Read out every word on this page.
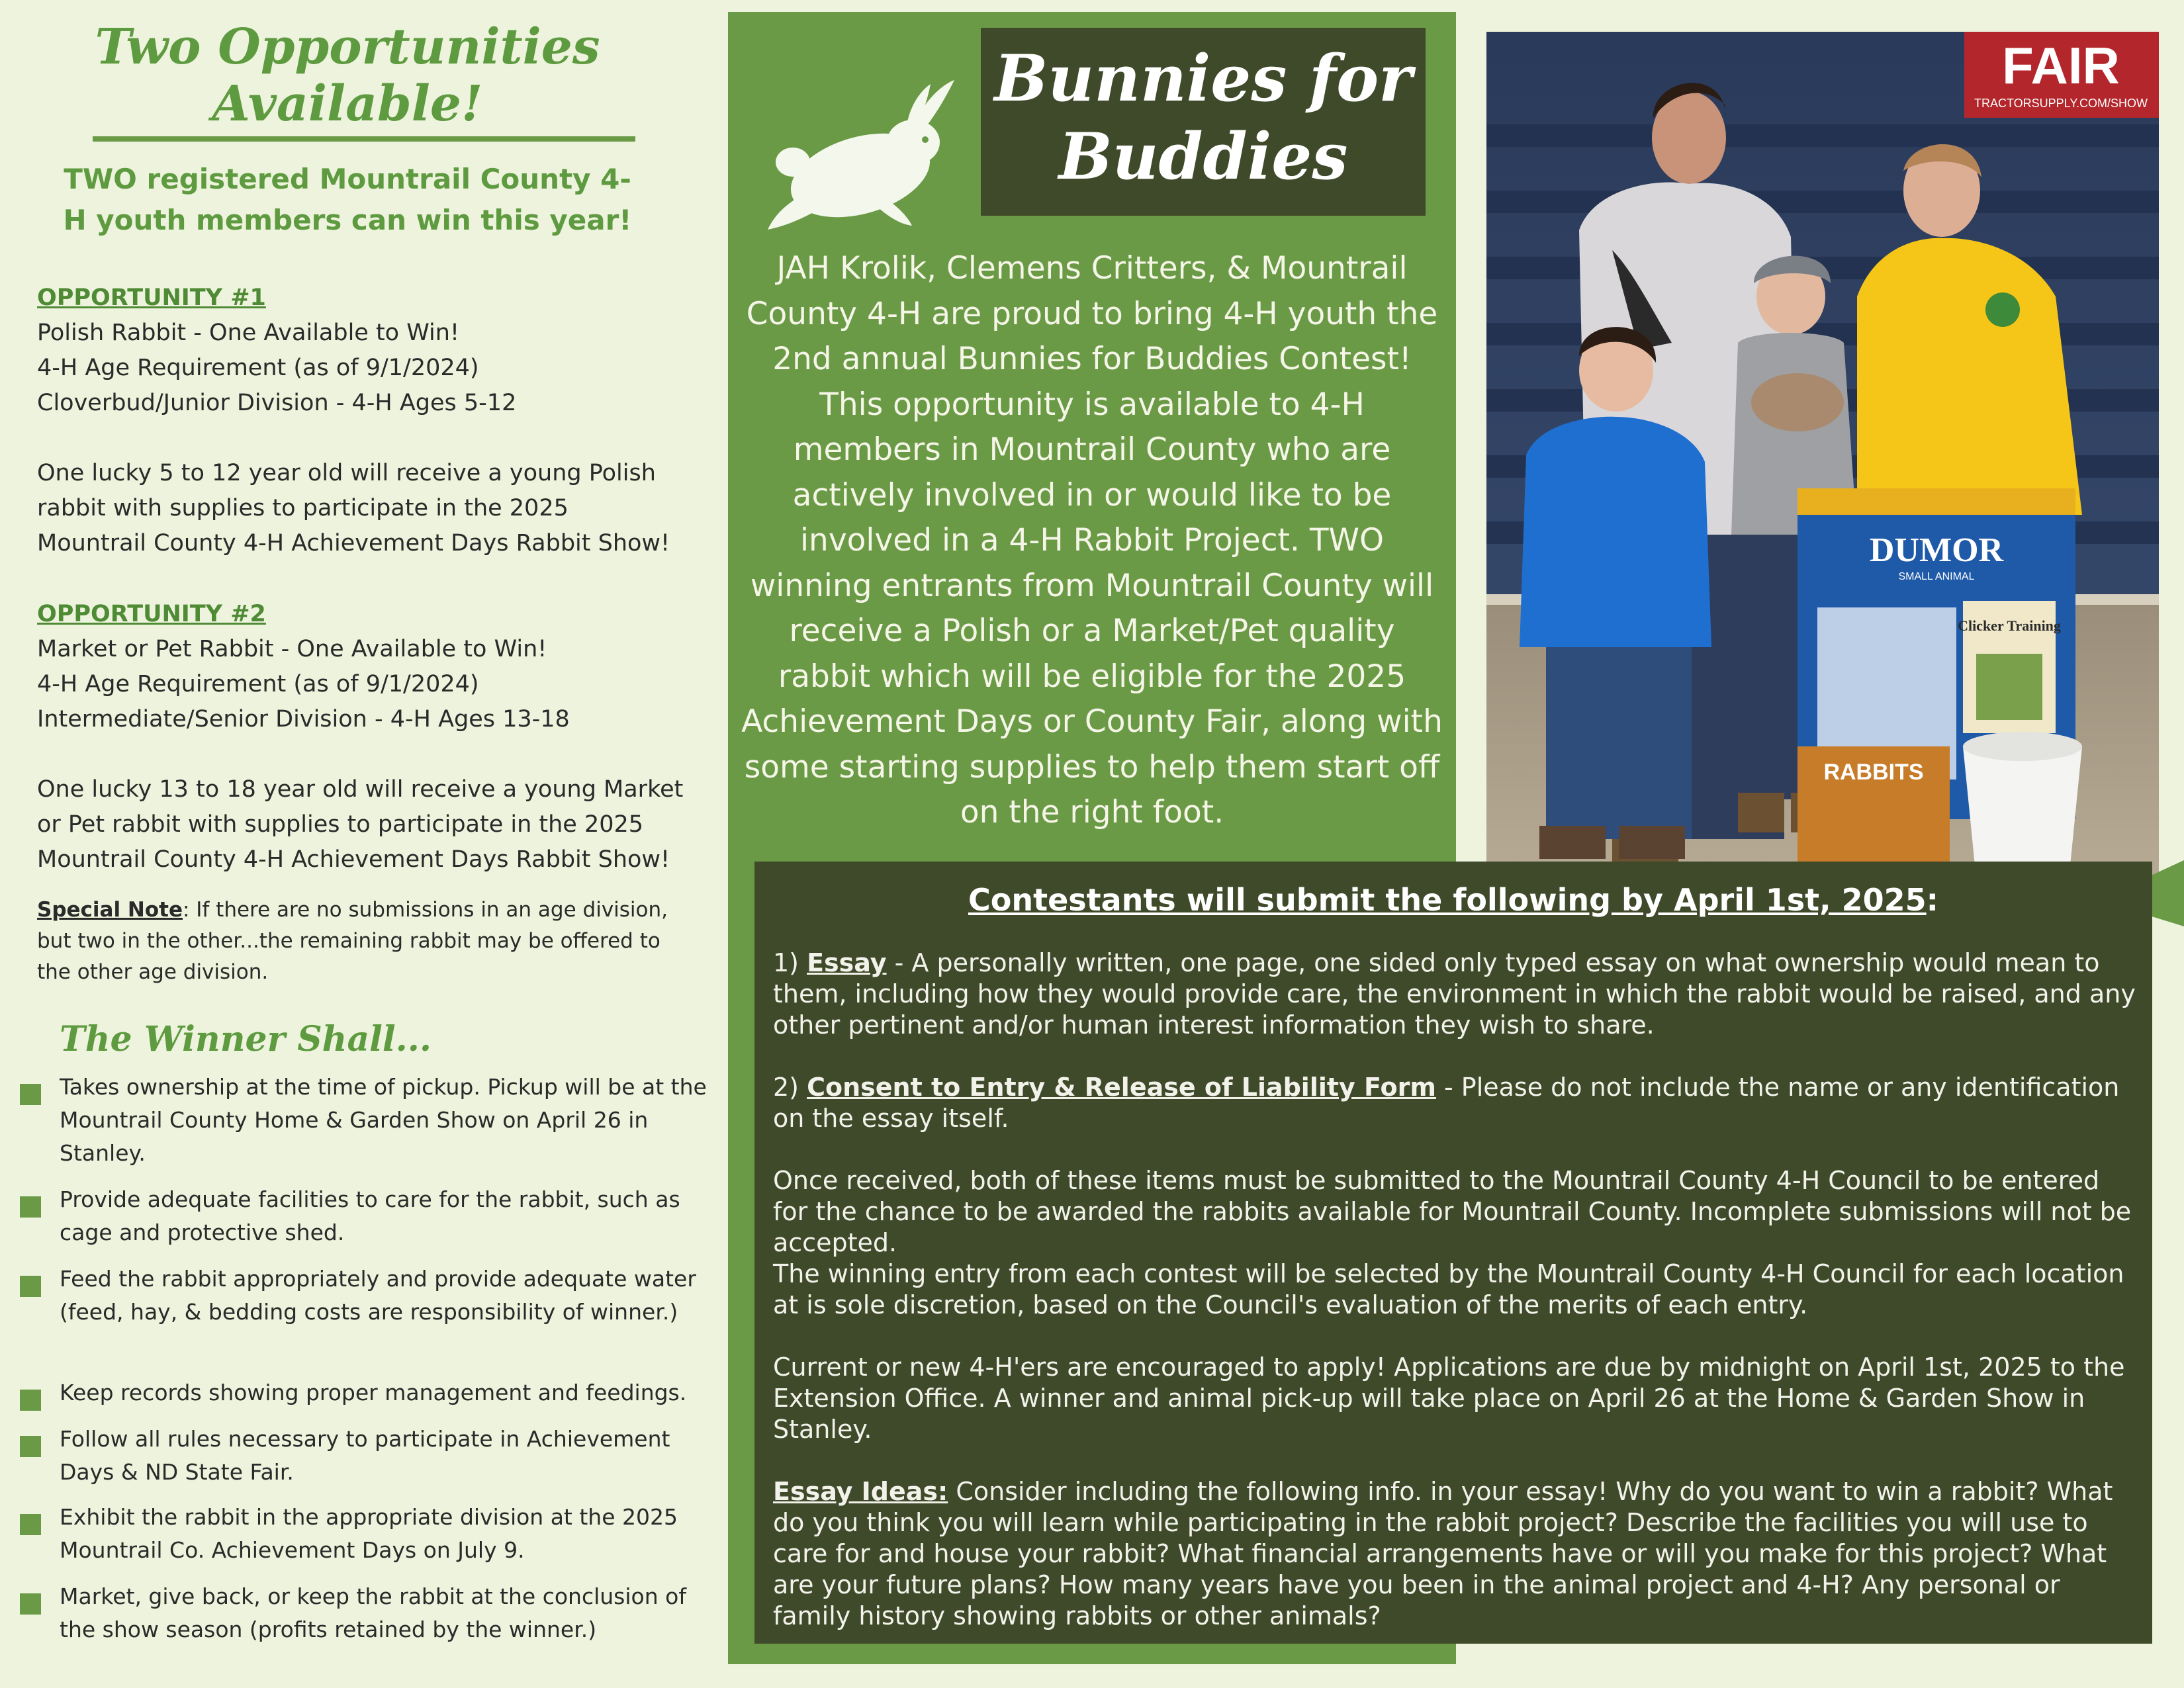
Two Opportunities
Available!
TWO registered Mountrail County 4-H youth members can win this year!
OPPORTUNITY #1
Polish Rabbit - One Available to Win!
4-H Age Requirement (as of 9/1/2024)
Cloverbud/Junior Division - 4-H Ages 5-12
One lucky 5 to 12 year old will receive a young Polish
rabbit with supplies to participate in the 2025
Mountrail County 4-H Achievement Days Rabbit Show!
OPPORTUNITY #2
Market or Pet Rabbit - One Available to Win!
4-H Age Requirement (as of 9/1/2024)
Intermediate/Senior Division - 4-H Ages 13-18
One lucky 13 to 18 year old will receive a young Market
or Pet rabbit with supplies to participate in the 2025
Mountrail County 4-H Achievement Days Rabbit Show!
Special Note: If there are no submissions in an age division, but two in the other...the remaining rabbit may be offered to the other age division.
The Winner Shall...
Takes ownership at the time of pickup. Pickup will be at the Mountrail County Home & Garden Show on April 26 in Stanley.
Provide adequate facilities to care for the rabbit, such as cage and protective shed.
Feed the rabbit appropriately and provide adequate water (feed, hay, & bedding costs are responsibility of winner.)
Keep records showing proper management and feedings.
Follow all rules necessary to participate in Achievement Days & ND State Fair.
Exhibit the rabbit in the appropriate division at the 2025 Mountrail Co. Achievement Days on July 9.
Market, give back, or keep the rabbit at the conclusion of the show season (profits retained by the winner.)
Bunnies for
Buddies
JAH Krolik, Clemens Critters, & Mountrail County 4-H are proud to bring 4-H youth the 2nd annual Bunnies for Buddies Contest! This opportunity is available to 4-H members in Mountrail County who are actively involved in or would like to be involved in a 4-H Rabbit Project. TWO winning entrants from Mountrail County will receive a Polish or a Market/Pet quality rabbit which will be eligible for the 2025 Achievement Days or County Fair, along with some starting supplies to help them start off on the right foot.
FAIR
TRACTORSUPPLY.COM/SHOW
DUMOR
SMALL ANIMAL
Clicker Training
RABBITS
Contestants will submit the following by April 1st, 2025:
1) Essay - A personally written, one page, one sided only typed essay on what ownership would mean to them, including how they would provide care, the environment in which the rabbit would be raised, and any other pertinent and/or human interest information they wish to share.
2) Consent to Entry & Release of Liability Form - Please do not include the name or any identification on the essay itself.
Once received, both of these items must be submitted to the Mountrail County 4-H Council to be entered for the chance to be awarded the rabbits available for Mountrail County. Incomplete submissions will not be accepted.
The winning entry from each contest will be selected by the Mountrail County 4-H Council for each location at is sole discretion, based on the Council's evaluation of the merits of each entry.
Current or new 4-H'ers are encouraged to apply! Applications are due by midnight on April 1st, 2025 to the Extension Office. A winner and animal pick-up will take place on April 26 at the Home & Garden Show in Stanley.
Essay Ideas: Consider including the following info. in your essay! Why do you want to win a rabbit? What do you think you will learn while participating in the rabbit project? Describe the facilities you will use to care for and house your rabbit? What financial arrangements have or will you make for this project? What are your future plans? How many years have you been in the animal project and 4-H? Any personal or family history showing rabbits or other animals?
